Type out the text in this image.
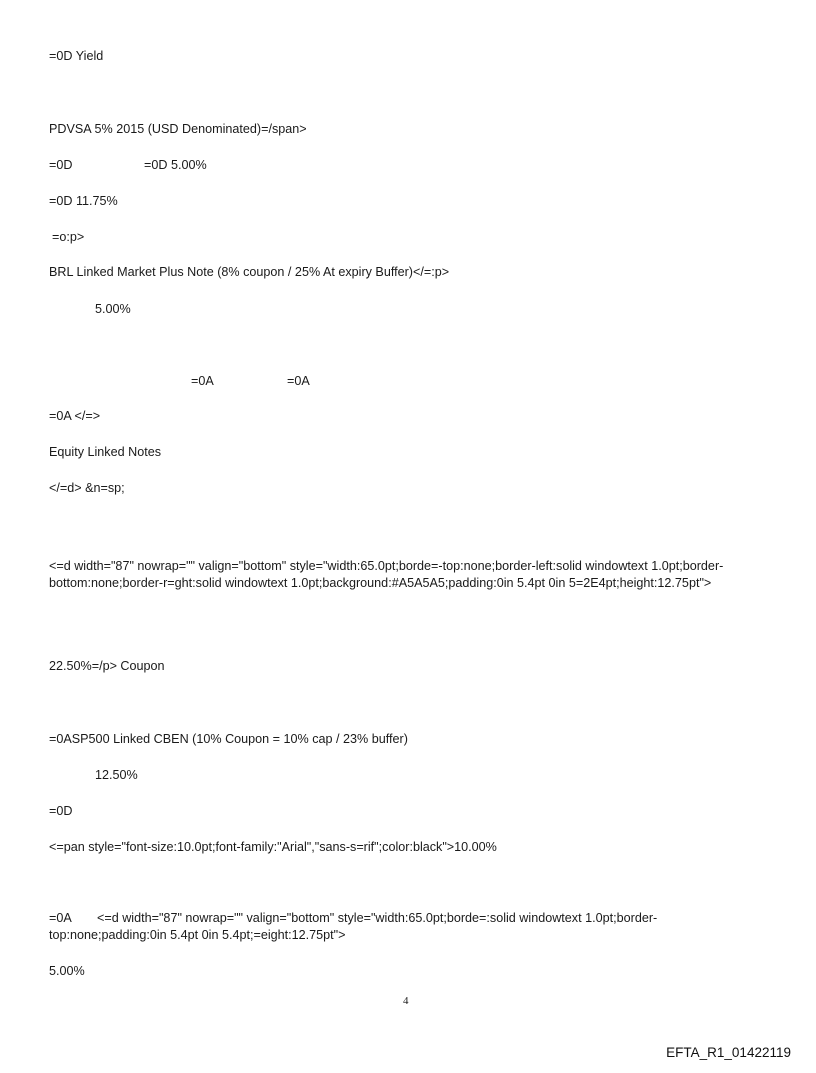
=0D Yield

PDVSA 5% 2015 (USD Denominated)=/span>

=0D	=0D 5.00%

=0D 11.75%

=o:p>

BRL Linked Market Plus Note (8% coupon / 25% At expiry Buffer)</=:p>

5.00%

=0A	=0A

=0A </=>

Equity Linked Notes

</=d> &n=sp;

<=d width="87" nowrap="" valign="bottom" style="width:65.0pt;borde=-top:none;border-left:solid windowtext 1.0pt;border-bottom:none;border-r=ght:solid windowtext 1.0pt;background:#A5A5A5;padding:0in 5.4pt 0in 5=2E4pt;height:12.75pt">

22.50%=/p> Coupon

=0ASP500 Linked CBEN (10% Coupon = 10% cap / 23% buffer)

12.50%

=0D

<=pan style="font-size:10.0pt;font-family:"Arial","sans-s=rif";color:black">10.00%

=0A	<=d width="87" nowrap="" valign="bottom" style="width:65.0pt;borde=:solid windowtext 1.0pt;border-top:none;padding:0in 5.4pt 0in 5.4pt;=eight:12.75pt">

5.00%

4
EFTA_R1_01422119
